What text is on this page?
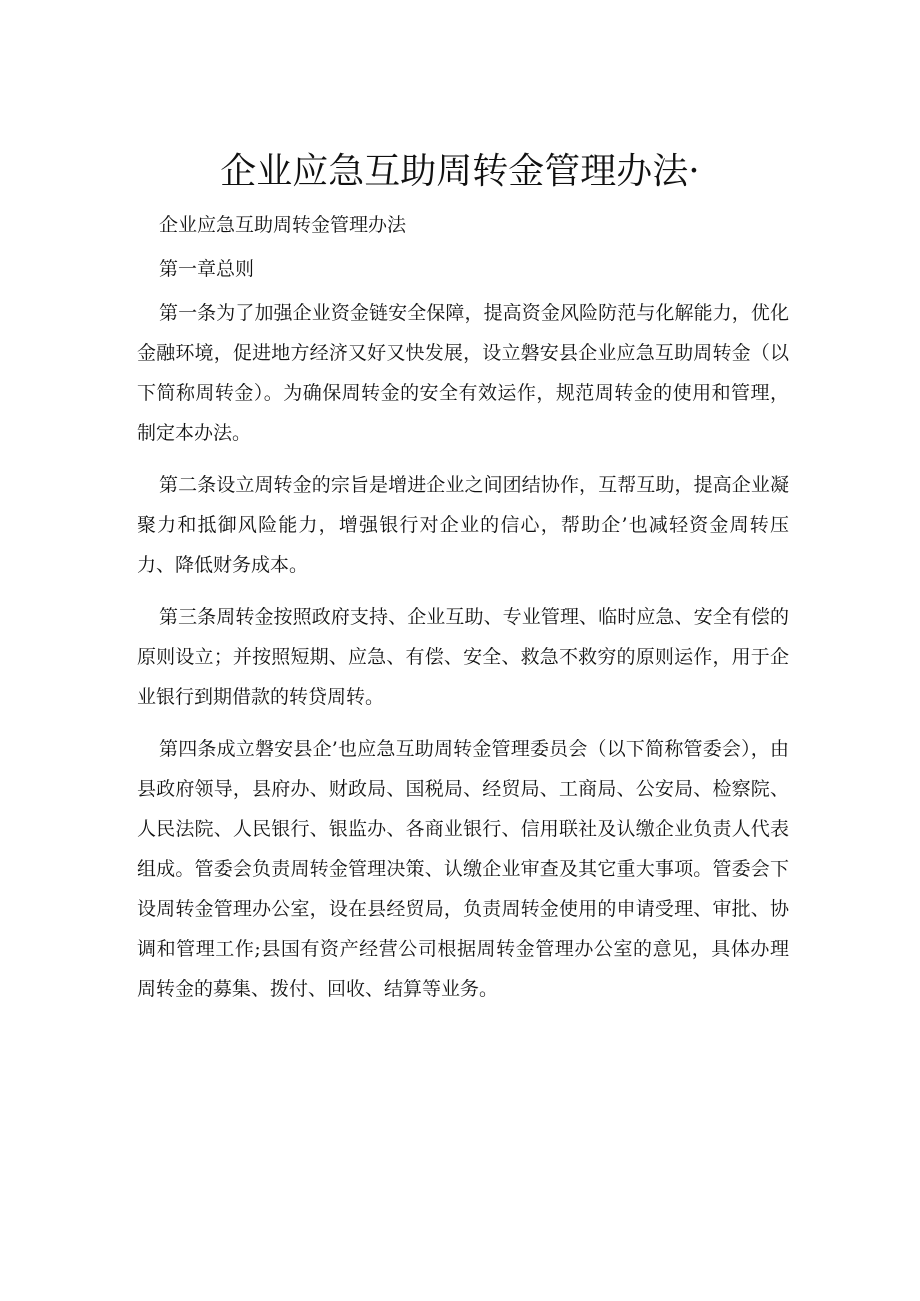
企业应急互助周转金管理办法·

企业应急互助周转金管理办法

第一章总则

第一条为了加强企业资金链安全保障，提高资金风险防范与化解能力，优化金融环境，促进地方经济又好又快发展，设立磐安县企业应急互助周转金（以下简称周转金）。为确保周转金的安全有效运作，规范周转金的使用和管理，制定本办法。

第二条设立周转金的宗旨是增进企业之间团结协作，互帮互助，提高企业凝聚力和抵御风险能力，增强银行对企业的信心，帮助企’也减轻资金周转压力、降低财务成本。

第三条周转金按照政府支持、企业互助、专业管理、临时应急、安全有偿的原则设立；并按照短期、应急、有偿、安全、救急不救穷的原则运作，用于企业银行到期借款的转贷周转。

第四条成立磐安县企’也应急互助周转金管理委员会（以下简称管委会），由县政府领导，县府办、财政局、国税局、经贸局、工商局、公安局、检察院、人民法院、人民银行、银监办、各商业银行、信用联社及认缴企业负责人代表组成。管委会负责周转金管理决策、认缴企业审查及其它重大事项。管委会下设周转金管理办公室，设在县经贸局，负责周转金使用的申请受理、审批、协调和管理工作;县国有资产经营公司根据周转金管理办公室的意见，具体办理周转金的募集、拨付、回收、结算等业务。
